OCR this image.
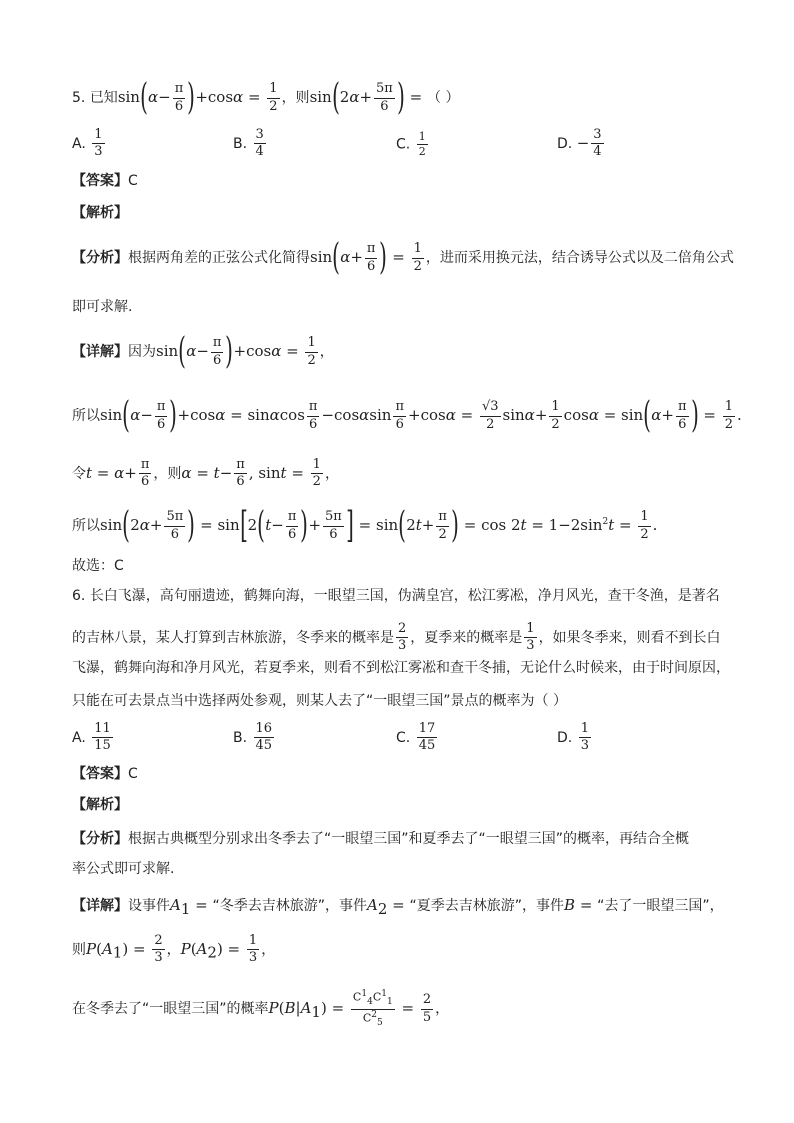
5. 已知$\sin(\alpha- \frac{\pi}{6} )+\cos\alpha = \frac{1}{2}$ ，则$\sin(2\alpha+ \frac{5\pi}{6}$ ) = （ ）
A. $\frac{1}{3}$	B. $\frac{3}{4}$	C. $\frac{1}{2}$	D. − $\frac{3}{4}$
【答案】C
【解析】
【分析】根据两角差的正弦公式化简得$\sin(\alpha+ \frac{\pi}{6}$ ) = $\frac{1}{2}$ ，进而采用换元法，结合诱导公式以及二倍角公式
即可求解.
【详解】因为$\sin(\alpha- \frac{\pi}{6} )+\cos\alpha = \frac{1}{2}$ ，
所以$\sin(\alpha- \frac{\pi}{6} )+\cos\alpha = \sin\alpha\cos \frac{\pi}{6} -\cos\alpha\sin \frac{\pi}{6} +\cos\alpha = \frac{√3}{2} \sin\alpha+ \frac{1}{2}$ $\cos\alpha = \sin(\alpha+ \frac{\pi}{6}$ ) = $\frac{1}{2}$ .
令$t = \alpha+ \frac{\pi}{6}$ ，则$\alpha = t- \frac{\pi}{6}$ , $\sin t = \frac{1}{2}$ ，
所以$\sin(2\alpha+ \frac{5\pi}{6}$ ) = $\sin[2(t- \frac{\pi}{6}$ )+ $\frac{5\pi}{6}$ ] = $\sin(2t+ \frac{\pi}{2}$ ) = $\cos 2t = 1-2\sin^2t = \frac{1}{2}$ .
故选：C
6. 长白飞瀑，高句丽遗迹，鹤舞向海，一眼望三国，伪满皇宫，松江雾凇，净月风光，查干冬渔，是著名
的吉林八景，某人打算到吉林旅游，冬季来的概率是 $\frac{2}{3}$ ，夏季来的概率是 $\frac{1}{3}$ ，如果冬季来，则看不到长白
飞瀑，鹤舞向海和净月风光，若夏季来，则看不到松江雾凇和查干冬捕，无论什么时候来，由于时间原因，
只能在可去景点当中选择两处参观，则某人去了“一眼望三国”景点的概率为（ ）
A. $\frac{11}{15}$	B. $\frac{16}{45}$	C. $\frac{17}{45}$	D. $\frac{1}{3}$
【答案】C
【解析】
【分析】根据古典概型分别求出冬季去了“一眼望三国”和夏季去了“一眼望三国”的概率，再结合全概
率公式即可求解.
【详解】设事件$A_1$ = “冬季去吉林旅游”，事件$A_2$ = “夏季去吉林旅游”，事件B = “去了一眼望三国”，
则$P(A_1) = \frac{2}{3}$ ，$P(A_2) = \frac{1}{3}$ ，
在冬季去了“一眼望三国”的概率$P(B|A_1) = \frac{C^1_4C^1_1}{C^2_5} = \frac{2}{5}$ ，
